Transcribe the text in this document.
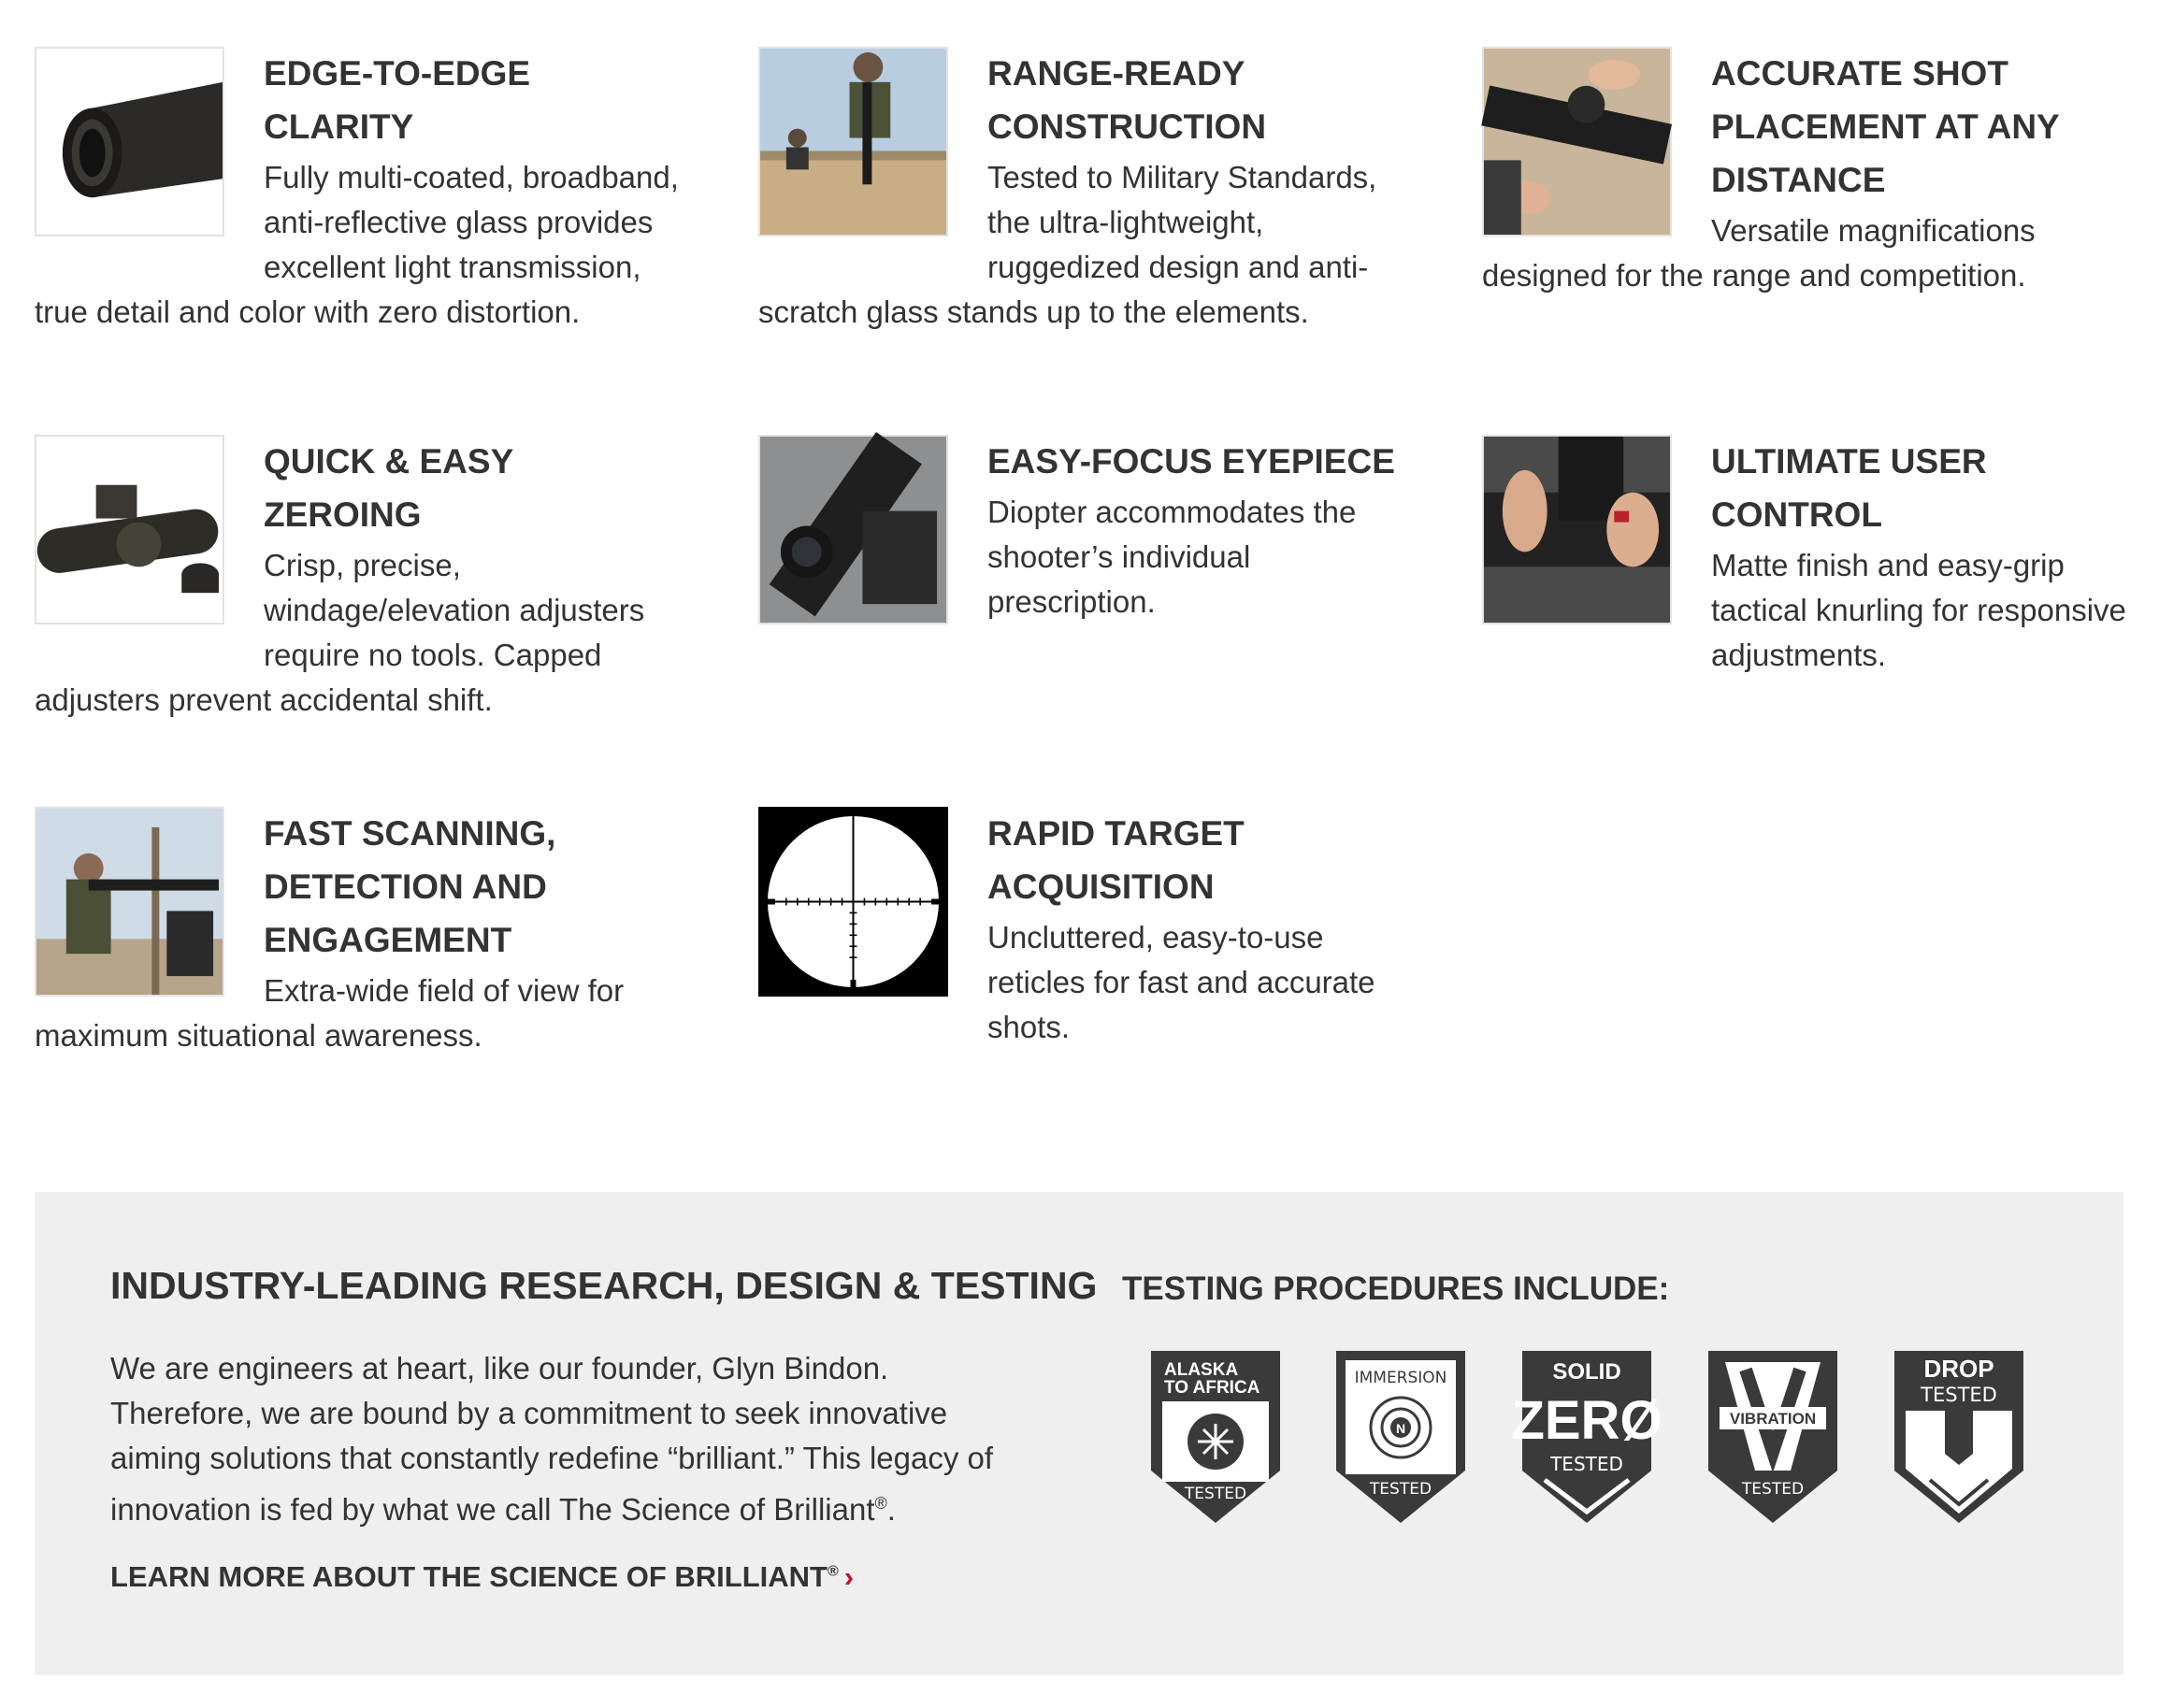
EDGE-TO-EDGE CLARITY

Fully multi-coated, broadband, anti-reflective glass provides excellent light transmission, true detail and color with zero distortion.

RANGE-READY
CONSTRUCTION

Tested to Military Standards, the ultra-lightweight, ruggedized design and anti-scratch glass stands up to the elements.

ACCURATE SHOT
PLACEMENT AT ANY
DISTANCE

Versatile magnifications designed for the range and competition.

QUICK & EASY ZEROING

Crisp, precise, windage/elevation adjusters require no tools. Capped adjusters prevent accidental shift.

EASY-FOCUS EYEPIECE

Diopter accommodates the shooter’s individual prescription.

ULTIMATE USER
CONTROL

Matte finish and easy-grip tactical knurling for responsive adjustments.

FAST SCANNING,
DETECTION AND
ENGAGEMENT

Extra-wide field of view for maximum situational awareness.

RAPID TARGET
ACQUISITION

Uncluttered, easy-to-use reticles for fast and accurate shots.

INDUSTRY-LEADING RESEARCH, DESIGN & TESTING

We are engineers at heart, like our founder, Glyn Bindon. Therefore, we are bound by a commitment to seek innovative aiming solutions that constantly redefine “brilliant.” This legacy of innovation is fed by what we call The Science of Brilliant®.

LEARN MORE ABOUT THE SCIENCE OF BRILLIANT® ›
TESTING PROCEDURES INCLUDE:
ALASKA
TO AFRICA
TESTED
IMMERSION
N
TESTED
SOLID
ZERØ
TESTED
VIBRATION
TESTED
DROP
TESTED
